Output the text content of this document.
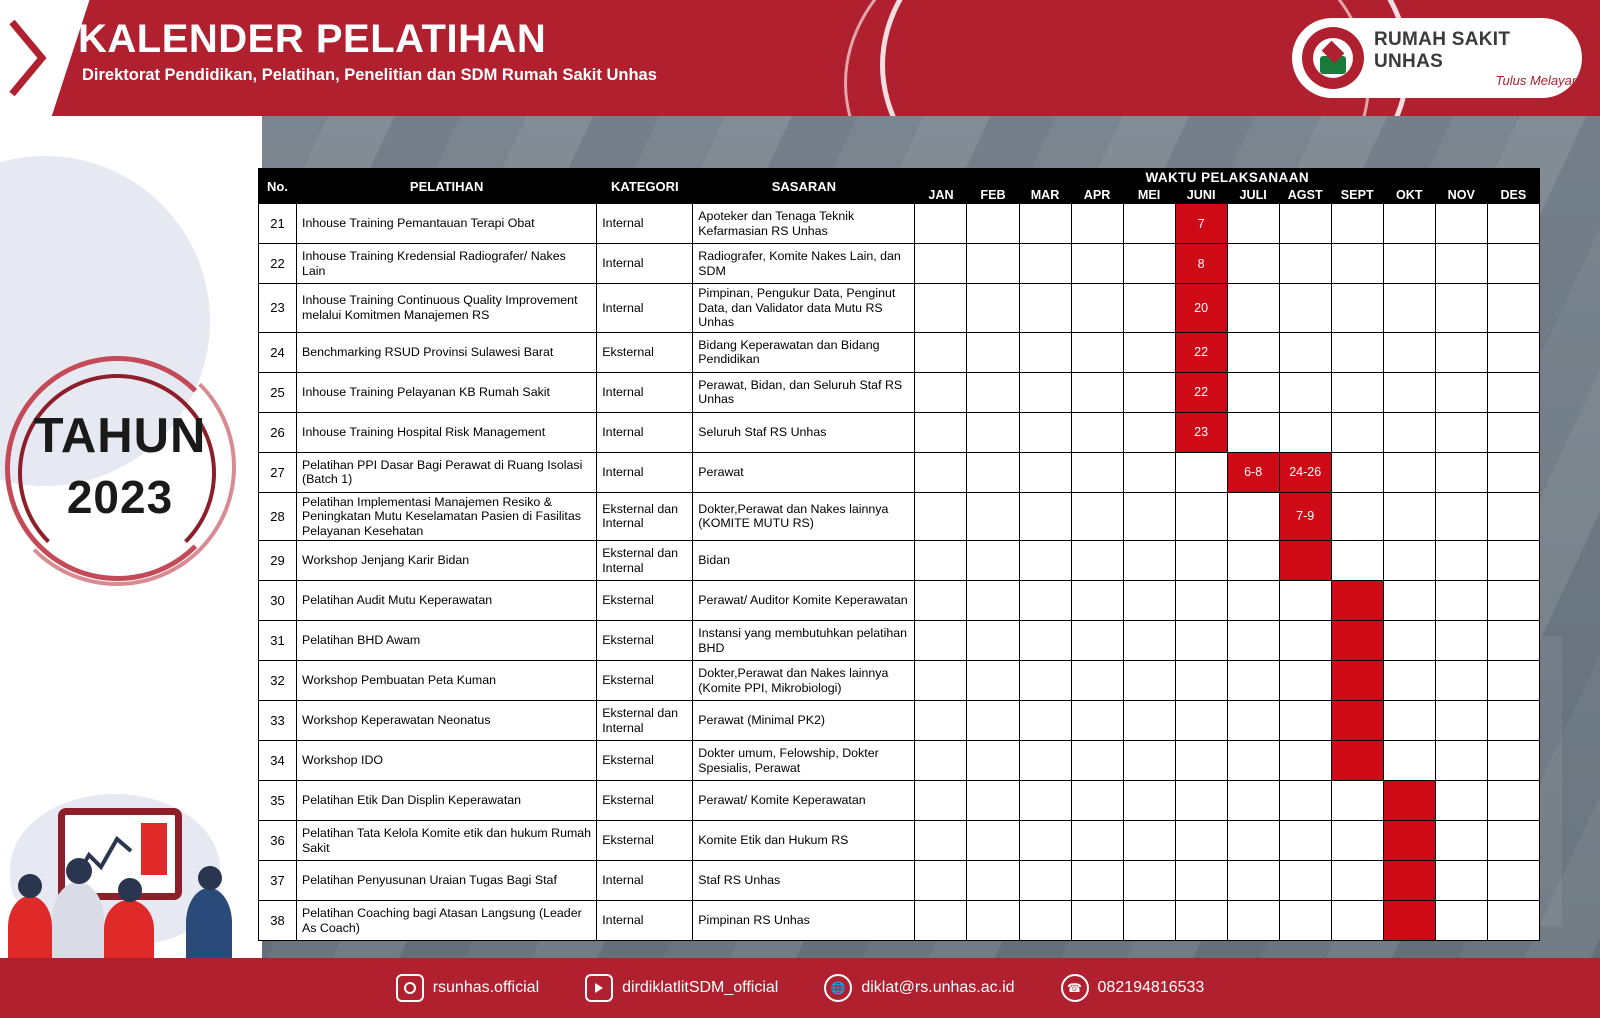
KALENDER PELATIHAN
Direktorat Pendidikan, Pelatihan, Penelitian dan SDM Rumah Sakit Unhas
RUMAH SAKIT UNHAS
Tulus Melayani
TAHUN
2023
No.	PELATIHAN	KATEGORI	SASARAN	WAKTU PELAKSANAAN											
				JAN	FEB	MAR	APR	MEI	JUNI	JULI	AGST	SEPT	OKT	NOV	DES
21	Inhouse Training Pemantauan Terapi Obat	Internal	Apoteker dan Tenaga Teknik Kefarmasian RS Unhas						7						
22	Inhouse Training Kredensial Radiografer/ Nakes Lain	Internal	Radiografer, Komite Nakes Lain, dan SDM						8						
23	Inhouse Training Continuous Quality Improvement melalui Komitmen Manajemen RS	Internal	Pimpinan, Pengukur Data, Penginut Data, dan Validator data Mutu RS Unhas						20						
24	Benchmarking RSUD Provinsi Sulawesi Barat	Eksternal	Bidang Keperawatan dan Bidang Pendidikan						22						
25	Inhouse Training Pelayanan KB Rumah Sakit	Internal	Perawat, Bidan, dan Seluruh Staf RS Unhas						22						
26	Inhouse Training Hospital Risk Management	Internal	Seluruh Staf RS Unhas						23						
27	Pelatihan PPI Dasar Bagi Perawat di Ruang Isolasi (Batch 1)	Internal	Perawat							6-8	24-26				
28	Pelatihan Implementasi Manajemen Resiko & Peningkatan Mutu Keselamatan Pasien di Fasilitas Pelayanan Kesehatan	Eksternal dan Internal	Dokter,Perawat dan Nakes lainnya (KOMITE MUTU RS)								7-9				
29	Workshop Jenjang Karir Bidan	Eksternal dan Internal	Bidan												
30	Pelatihan Audit Mutu Keperawatan	Eksternal	Perawat/ Auditor Komite Keperawatan												
31	Pelatihan BHD Awam	Eksternal	Instansi yang membutuhkan pelatihan BHD												
32	Workshop Pembuatan Peta Kuman	Eksternal	Dokter,Perawat dan Nakes lainnya (Komite PPI, Mikrobiologi)												
33	Workshop Keperawatan Neonatus	Eksternal dan Internal	Perawat (Minimal PK2)												
34	Workshop IDO	Eksternal	Dokter umum, Felowship, Dokter Spesialis, Perawat												
35	Pelatihan Etik Dan Displin Keperawatan	Eksternal	Perawat/ Komite Keperawatan												
36	Pelatihan Tata Kelola Komite etik dan hukum Rumah Sakit	Eksternal	Komite Etik dan Hukum RS												
37	Pelatihan Penyusunan Uraian Tugas Bagi Staf	Internal	Staf RS Unhas												
38	Pelatihan Coaching bagi Atasan Langsung (Leader As Coach)	Internal	Pimpinan RS Unhas												
rsunhas.official	dirdiklatlitSDM_official	🌐 diklat@rs.unhas.ac.id	☎ 082194816533
